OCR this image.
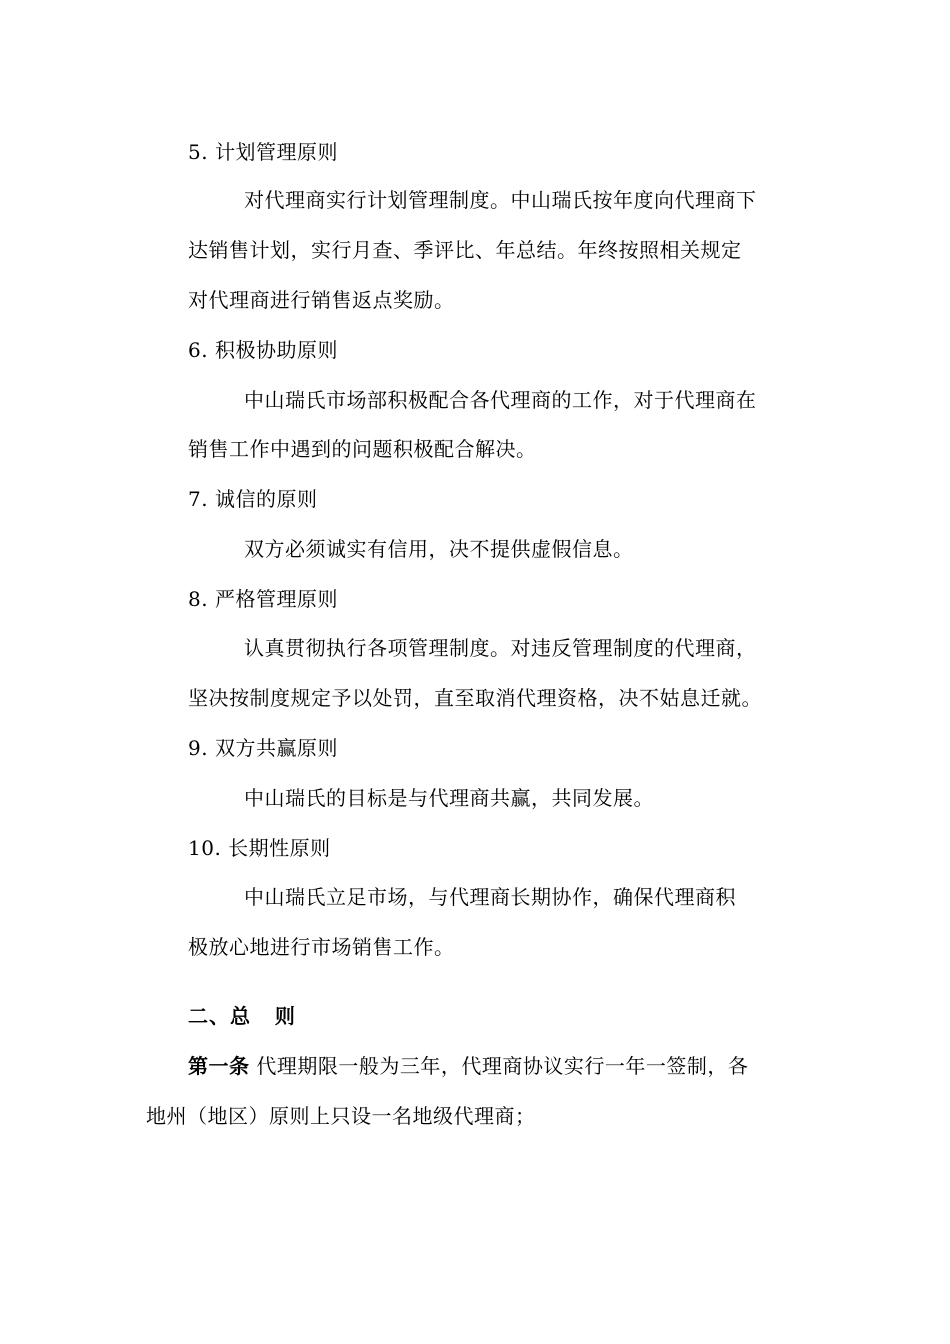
5. 计划管理原则
对代理商实行计划管理制度。中山瑞氏按年度向代理商下
达销售计划，实行月查、季评比、年总结。年终按照相关规定
对代理商进行销售返点奖励。
6. 积极协助原则
中山瑞氏市场部积极配合各代理商的工作，对于代理商在
销售工作中遇到的问题积极配合解决。
7. 诚信的原则
双方必须诚实有信用，决不提供虚假信息。
8. 严格管理原则
认真贯彻执行各项管理制度。对违反管理制度的代理商，
坚决按制度规定予以处罚，直至取消代理资格，决不姑息迁就。
9. 双方共赢原则
中山瑞氏的目标是与代理商共赢，共同发展。
10. 长期性原则
中山瑞氏立足市场，与代理商长期协作，确保代理商积
极放心地进行市场销售工作。
二、总   则
第一条 代理期限一般为三年，代理商协议实行一年一签制，各
地州（地区）原则上只设一名地级代理商；
